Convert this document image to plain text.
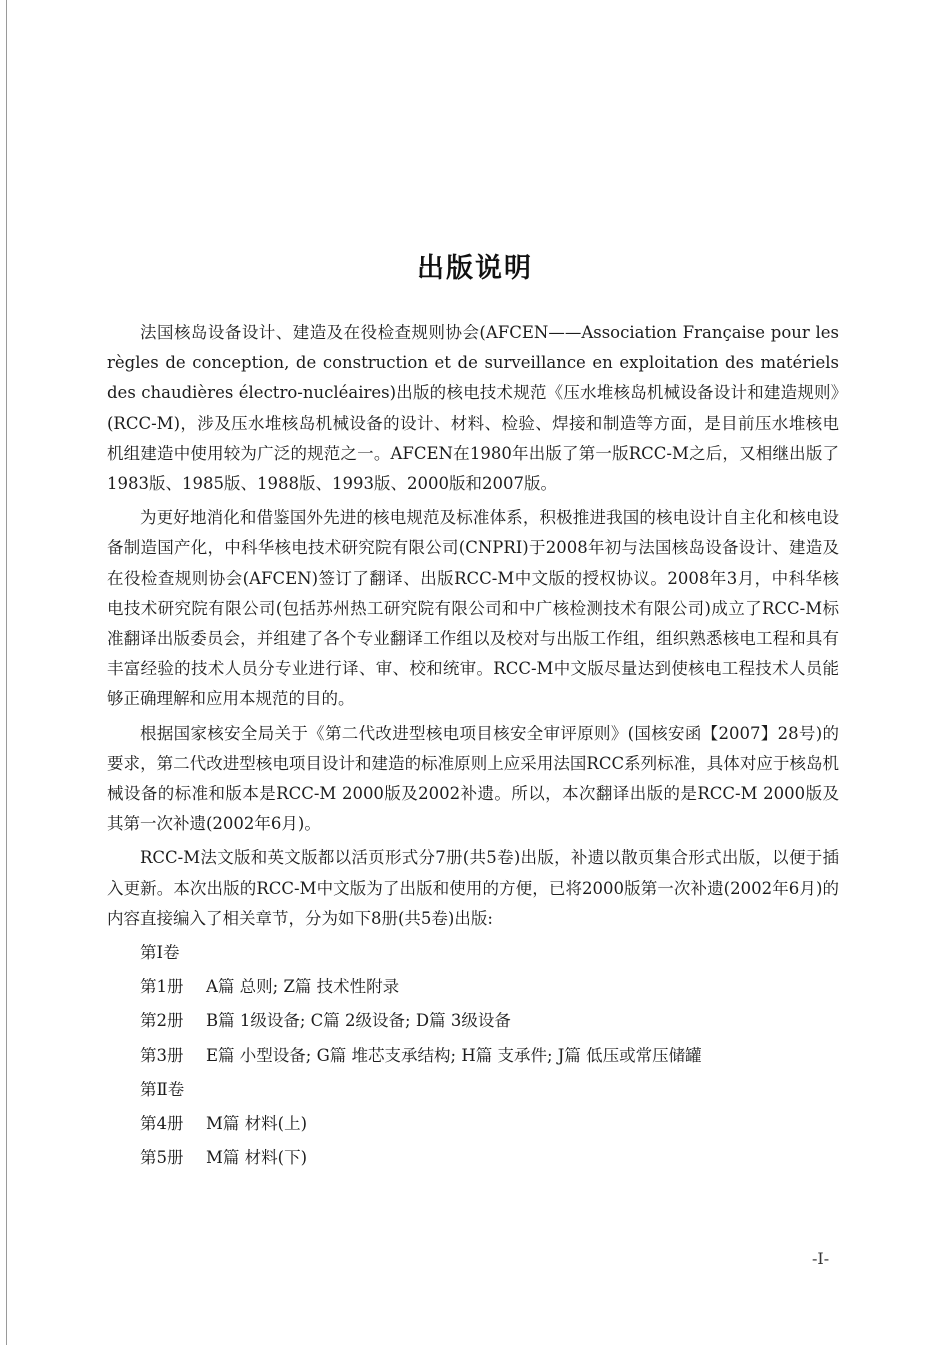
出版说明

法国核岛设备设计、建造及在役检查规则协会(AFCEN——Association Française pour les règles de conception, de construction et de surveillance en exploitation des matériels des chaudières électro-nucléaires)出版的核电技术规范《压水堆核岛机械设备设计和建造规则》(RCC-M)，涉及压水堆核岛机械设备的设计、材料、检验、焊接和制造等方面，是目前压水堆核电机组建造中使用较为广泛的规范之一。AFCEN在1980年出版了第一版RCC-M之后，又相继出版了1983版、1985版、1988版、1993版、2000版和2007版。

为更好地消化和借鉴国外先进的核电规范及标准体系，积极推进我国的核电设计自主化和核电设备制造国产化，中科华核电技术研究院有限公司(CNPRI)于2008年初与法国核岛设备设计、建造及在役检查规则协会(AFCEN)签订了翻译、出版RCC-M中文版的授权协议。2008年3月，中科华核电技术研究院有限公司(包括苏州热工研究院有限公司和中广核检测技术有限公司)成立了RCC-M标准翻译出版委员会，并组建了各个专业翻译工作组以及校对与出版工作组，组织熟悉核电工程和具有丰富经验的技术人员分专业进行译、审、校和统审。RCC-M中文版尽量达到使核电工程技术人员能够正确理解和应用本规范的目的。

根据国家核安全局关于《第二代改进型核电项目核安全审评原则》(国核安函【2007】28号)的要求，第二代改进型核电项目设计和建造的标准原则上应采用法国RCC系列标准，具体对应于核岛机械设备的标准和版本是RCC-M 2000版及2002补遗。所以，本次翻译出版的是RCC-M 2000版及其第一次补遗(2002年6月)。

RCC-M法文版和英文版都以活页形式分7册(共5卷)出版，补遗以散页集合形式出版，以便于插入更新。本次出版的RCC-M中文版为了出版和使用的方便，已将2000版第一次补遗(2002年6月)的内容直接编入了相关章节，分为如下8册(共5卷)出版:

第Ⅰ卷
第1册 A篇 总则; Z篇 技术性附录
第2册 B篇 1级设备; C篇 2级设备; D篇 3级设备
第3册 E篇 小型设备; G篇 堆芯支承结构; H篇 支承件; J篇 低压或常压储罐
第Ⅱ卷
第4册 M篇 材料(上)
第5册 M篇 材料(下)
-I-
